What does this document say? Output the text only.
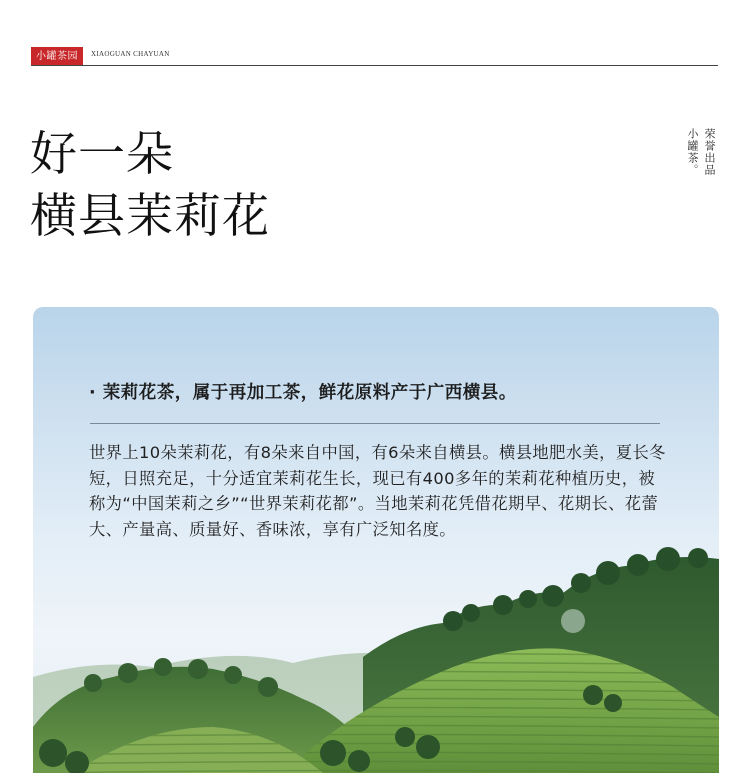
小罐茶园	XIAOGUAN CHAYUAN
好一朵
横县茉莉花
小罐茶。 荣誉出品

· 茉莉花茶，属于再加工茶，鲜花原料产于广西横县。

世界上10朵茉莉花，有8朵来自中国，有6朵来自横县。横县地肥水美，夏长冬短，日照充足，十分适宜茉莉花生长，现已有400多年的茉莉花种植历史，被称为“中国茉莉之乡”“世界茉莉花都”。当地茉莉花凭借花期早、花期长、花蕾大、产量高、质量好、香味浓，享有广泛知名度。
